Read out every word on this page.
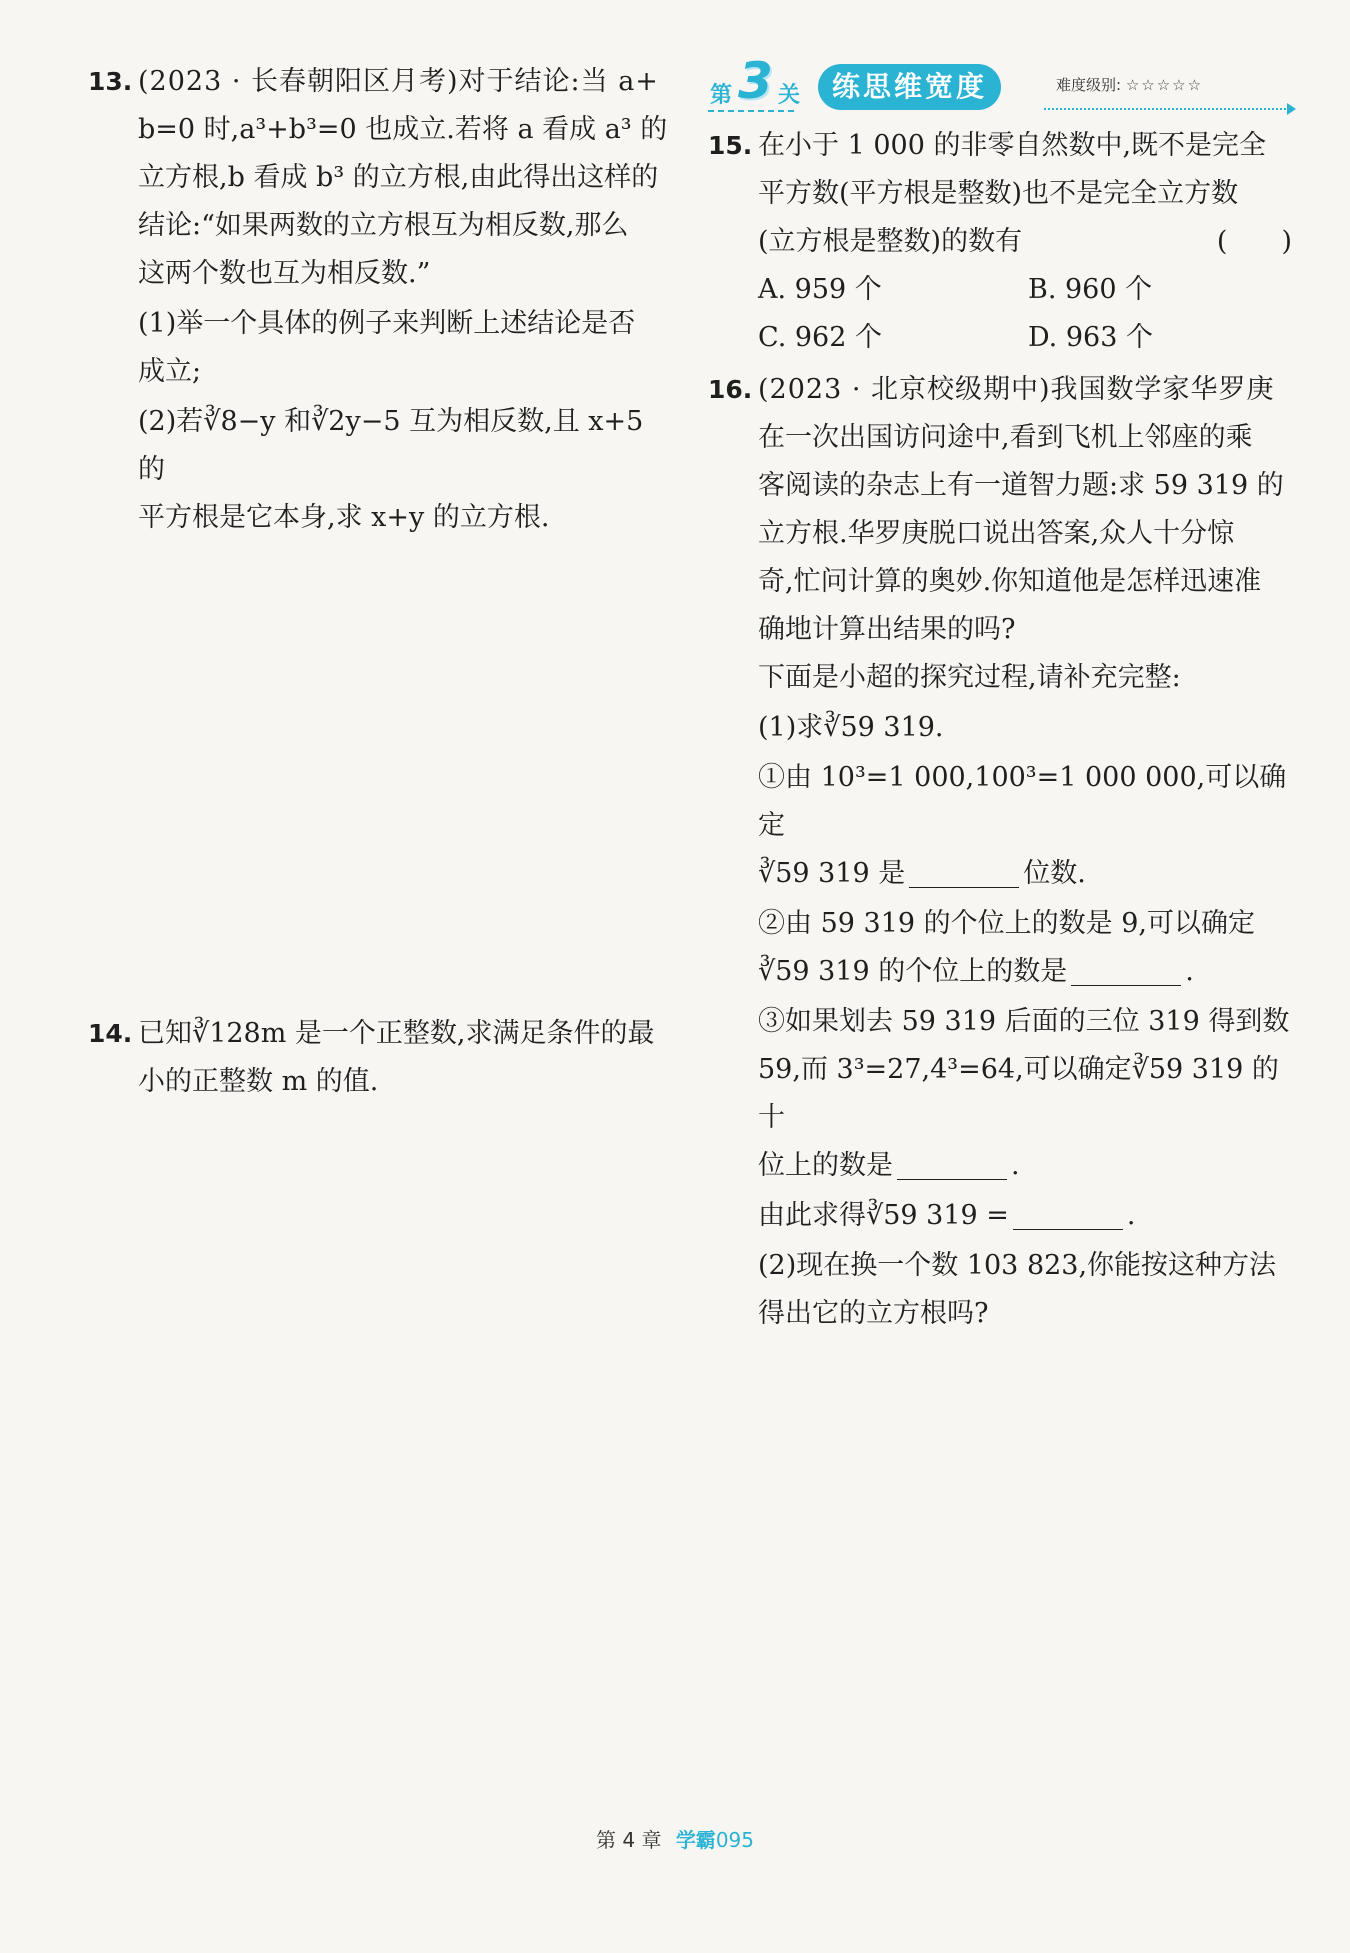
13. (2023 · 长春朝阳区月考)对于结论:当 a+
b=0 时,a³+b³=0 也成立.若将 a 看成 a³ 的
立方根,b 看成 b³ 的立方根,由此得出这样的
结论:“如果两数的立方根互为相反数,那么
这两个数也互为相反数.”
(1)举一个具体的例子来判断上述结论是否
成立;
(2)若∛8−y 和∛2y−5 互为相反数,且 x+5 的
平方根是它本身,求 x+y 的立方根.
14. 已知∛128m 是一个正整数,求满足条件的最
小的正整数 m 的值.
第 3 关	练思维宽度	难度级别: ☆☆☆☆☆
15. 在小于 1 000 的非零自然数中,既不是完全
平方数(平方根是整数)也不是完全立方数
(立方根是整数)的数有	(　　)
A. 959 个	B. 960 个
C. 962 个	D. 963 个
16. (2023 · 北京校级期中)我国数学家华罗庚
在一次出国访问途中,看到飞机上邻座的乘
客阅读的杂志上有一道智力题:求 59 319 的
立方根.华罗庚脱口说出答案,众人十分惊
奇,忙问计算的奥妙.你知道他是怎样迅速准
确地计算出结果的吗?
下面是小超的探究过程,请补充完整:
(1)求∛59 319.
①由 10³=1 000,100³=1 000 000,可以确定
∛59 319 是	位数.
②由 59 319 的个位上的数是 9,可以确定
∛59 319 的个位上的数是	.
③如果划去 59 319 后面的三位 319 得到数
59,而 3³=27,4³=64,可以确定∛59 319 的十
位上的数是	.
由此求得∛59 319 =	.
(2)现在换一个数 103 823,你能按这种方法
得出它的立方根吗?
第 4 章 学霸095
